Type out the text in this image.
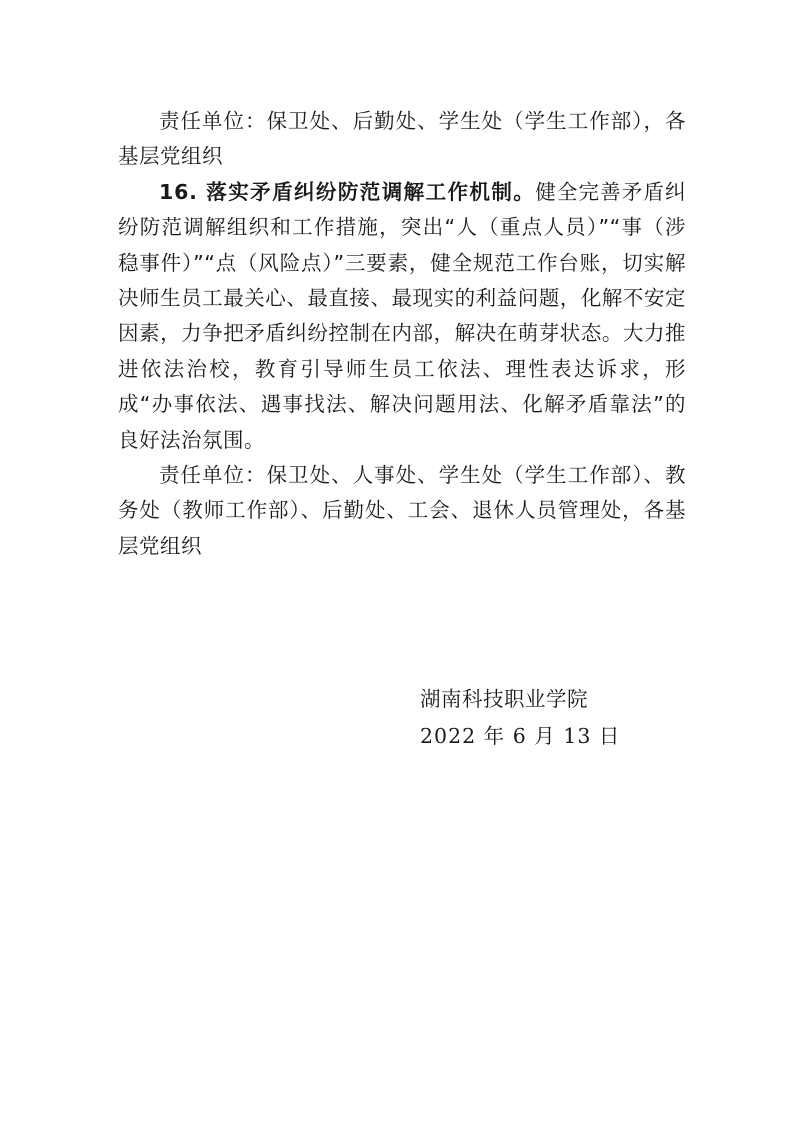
责任单位：保卫处、后勤处、学生处（学生工作部），各基层党组织

16. 落实矛盾纠纷防范调解工作机制。健全完善矛盾纠纷防范调解组织和工作措施，突出“人（重点人员）”“事（涉稳事件）”“点（风险点）”三要素，健全规范工作台账，切实解决师生员工最关心、最直接、最现实的利益问题，化解不安定因素，力争把矛盾纠纷控制在内部，解决在萌芽状态。大力推进依法治校，教育引导师生员工依法、理性表达诉求，形成“办事依法、遇事找法、解决问题用法、化解矛盾靠法”的良好法治氛围。

责任单位：保卫处、人事处、学生处（学生工作部）、教务处（教师工作部）、后勤处、工会、退休人员管理处，各基层党组织

湖南科技职业学院
2022 年 6 月 13 日
